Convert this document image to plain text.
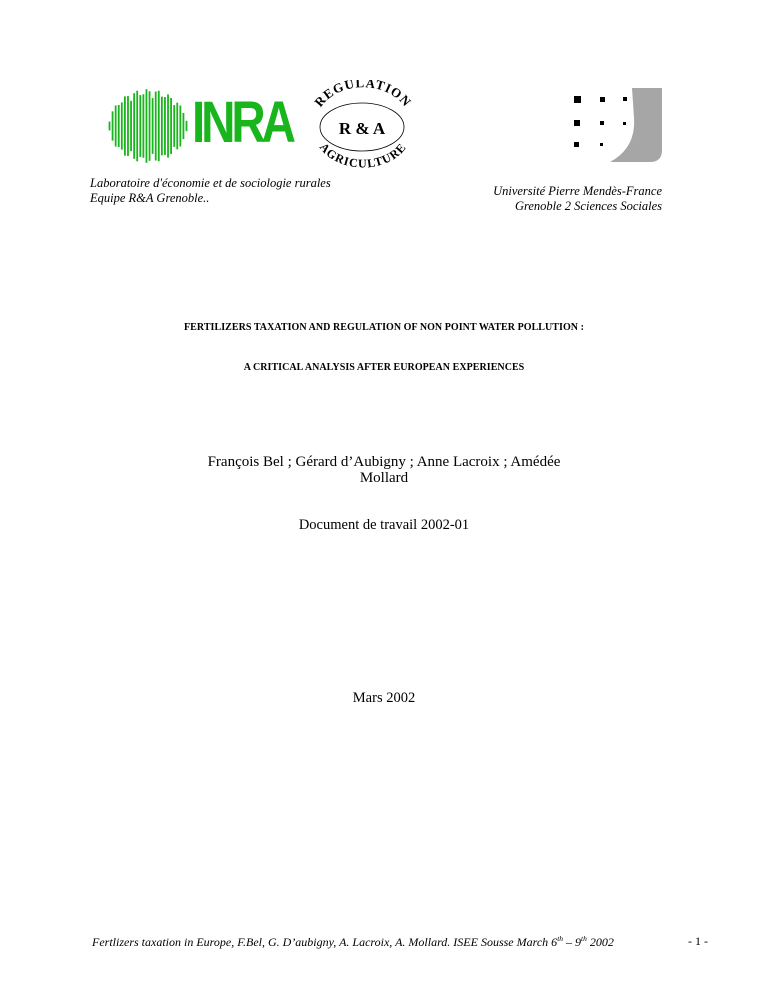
INRA REGULATION
R & A
AGRICULTURE
Laboratoire d'économie et de sociologie rurales
Equipe R&A Grenoble..	Université Pierre Mendès-France
Grenoble 2 Sciences Sociales
FERTILIZERS TAXATION AND REGULATION OF NON POINT WATER POLLUTION :
A CRITICAL ANALYSIS AFTER EUROPEAN EXPERIENCES
François Bel ; Gérard d’Aubigny ; Anne Lacroix ; Amédée
Mollard
Document de travail 2002-01
Mars 2002
Fertlizers taxation in Europe, F.Bel, G. D’aubigny, A. Lacroix, A. Mollard. ISEE Sousse March 6th – 9th 2002	- 1 -
